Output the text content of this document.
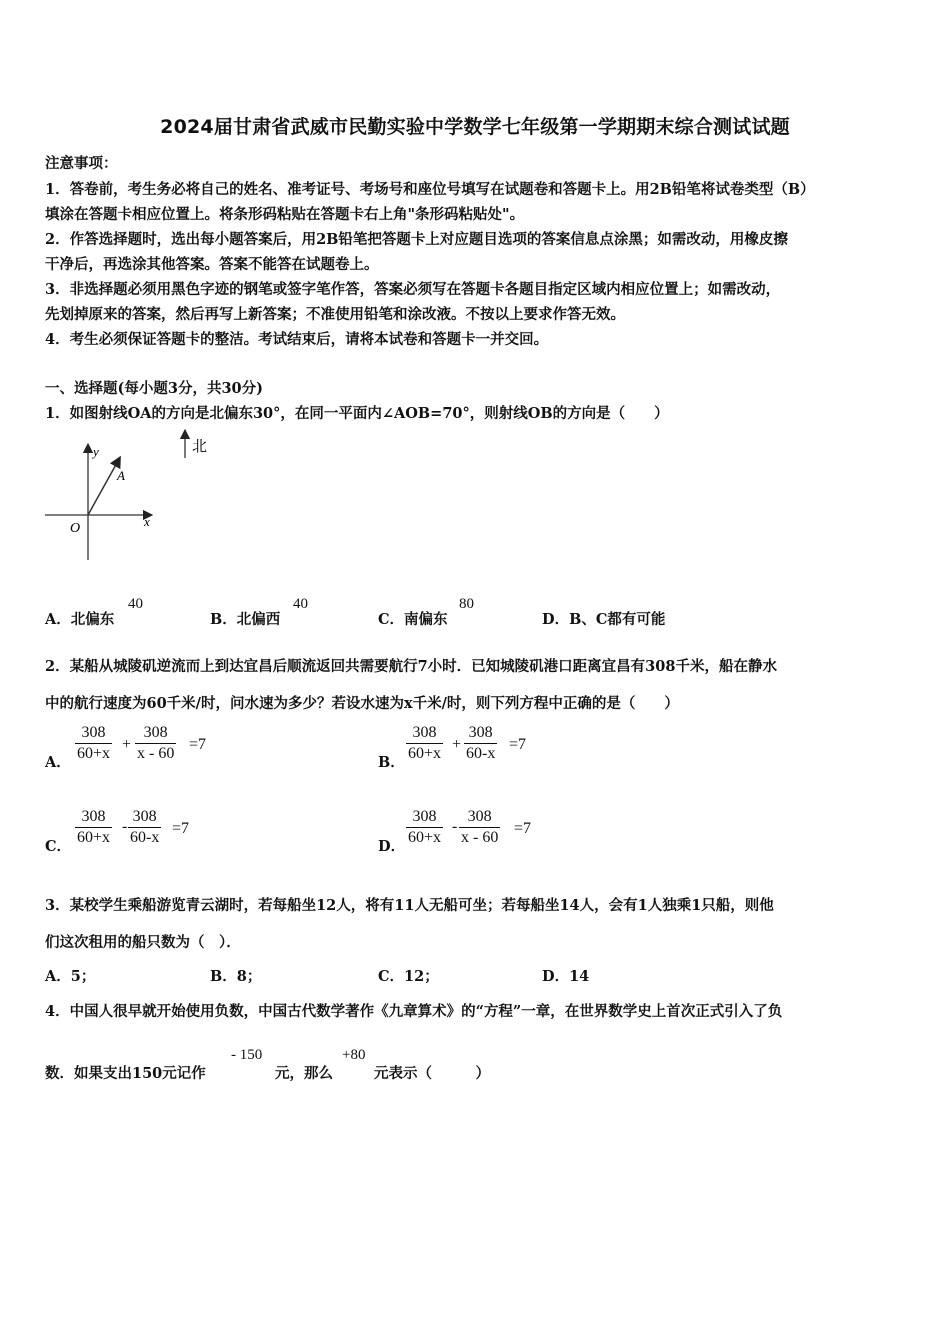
2024届甘肃省武威市民勤实验中学数学七年级第一学期期末综合测试试题
注意事项：
1．答卷前，考生务必将自己的姓名、准考证号、考场号和座位号填写在试题卷和答题卡上。用2B铅笔将试卷类型（B）
填涂在答题卡相应位置上。将条形码粘贴在答题卡右上角"条形码粘贴处"。
2．作答选择题时，选出每小题答案后，用2B铅笔把答题卡上对应题目选项的答案信息点涂黑；如需改动，用橡皮擦
干净后，再选涂其他答案。答案不能答在试题卷上。
3．非选择题必须用黑色字迹的钢笔或签字笔作答，答案必须写在答题卡各题目指定区域内相应位置上；如需改动，
先划掉原来的答案，然后再写上新答案；不准使用铅笔和涂改液。不按以上要求作答无效。
4．考生必须保证答题卡的整洁。考试结束后，请将本试卷和答题卡一并交回。
一、选择题(每小题3分，共30分)
1．如图射线OA的方向是北偏东30°，在同一平面内∠AOB=70°，则射线OB的方向是（　　）
y
x
O
A
北
A．北偏东
40
B．北偏西
40
C．南偏东
80
D．B、C都有可能
2．某船从城陵矶逆流而上到达宜昌后顺流返回共需要航行7小时．已知城陵矶港口距离宜昌有308千米，船在静水
中的航行速度为60千米/时，问水速为多少？若设水速为x千米/时，则下列方程中正确的是（　　）
A．
308
60+x
+
308
x - 60
=7
B．
308
60+x
+
308
60-x
=7
C．
308
60+x
-
308
60-x
=7
D．
308
60+x
-
308
x - 60
=7
3．某校学生乘船游览青云湖时，若每船坐12人，将有11人无船可坐；若每船坐14人，会有1人独乘1只船，则他
们这次租用的船只数为（　）．
A．5；	B．8；	C．12；	D．14
4．中国人很早就开始使用负数，中国古代数学著作《九章算术》的“方程”一章，在世界数学史上首次正式引入了负
数．如果支出150元记作
- 150
元，那么
+80
元表示（　　　）
